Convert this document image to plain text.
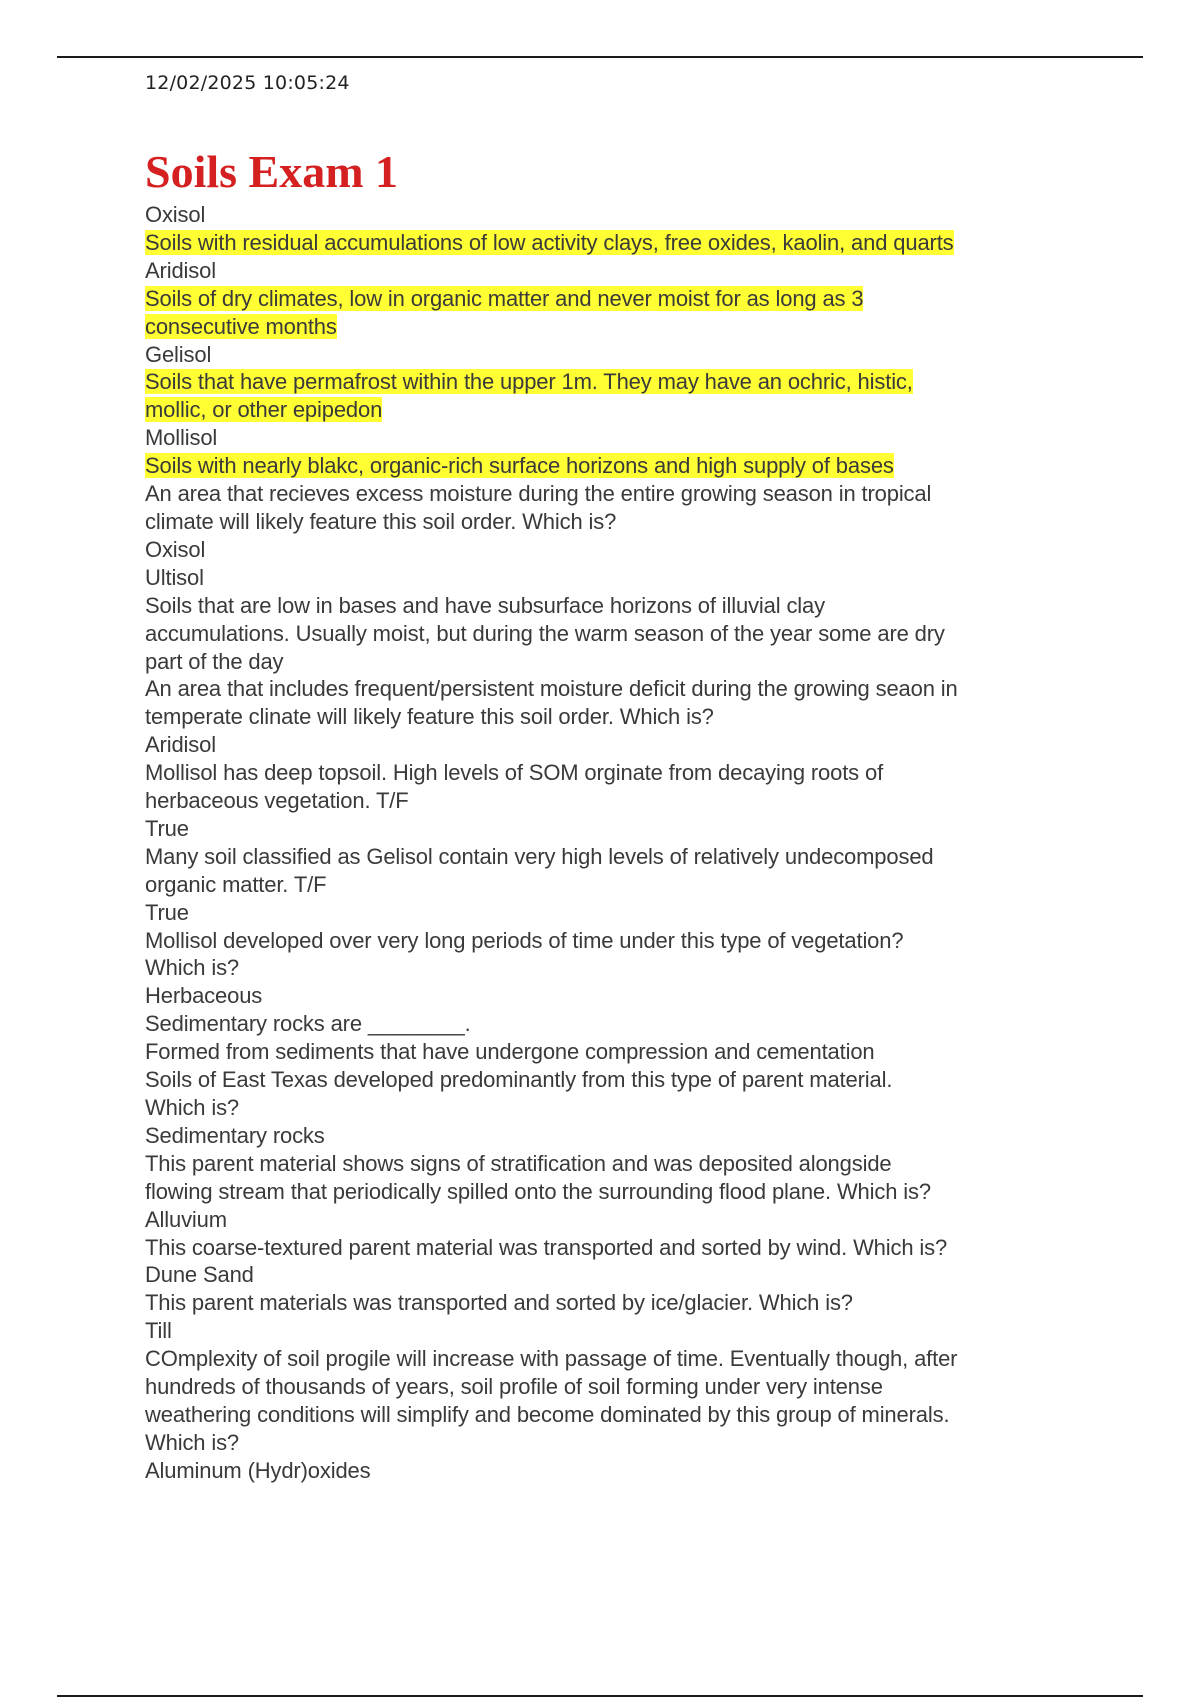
12/02/2025 10:05:24
Soils Exam 1
Oxisol
Soils with residual accumulations of low activity clays, free oxides, kaolin, and quarts
Aridisol
Soils of dry climates, low in organic matter and never moist for as long as 3
consecutive months
Gelisol
Soils that have permafrost within the upper 1m. They may have an ochric, histic,
mollic, or other epipedon
Mollisol
Soils with nearly blakc, organic-rich surface horizons and high supply of bases
An area that recieves excess moisture during the entire growing season in tropical
climate will likely feature this soil order. Which is?
Oxisol
Ultisol
Soils that are low in bases and have subsurface horizons of illuvial clay
accumulations. Usually moist, but during the warm season of the year some are dry
part of the day
An area that includes frequent/persistent moisture deficit during the growing seaon in
temperate clinate will likely feature this soil order. Which is?
Aridisol
Mollisol has deep topsoil. High levels of SOM orginate from decaying roots of
herbaceous vegetation. T/F
True
Many soil classified as Gelisol contain very high levels of relatively undecomposed
organic matter. T/F
True
Mollisol developed over very long periods of time under this type of vegetation?
Which is?
Herbaceous
Sedimentary rocks are ________.
Formed from sediments that have undergone compression and cementation
Soils of East Texas developed predominantly from this type of parent material.
Which is?
Sedimentary rocks
This parent material shows signs of stratification and was deposited alongside
flowing stream that periodically spilled onto the surrounding flood plane. Which is?
Alluvium
This coarse-textured parent material was transported and sorted by wind. Which is?
Dune Sand
This parent materials was transported and sorted by ice/glacier. Which is?
Till
COmplexity of soil progile will increase with passage of time. Eventually though, after
hundreds of thousands of years, soil profile of soil forming under very intense
weathering conditions will simplify and become dominated by this group of minerals.
Which is?
Aluminum (Hydr)oxides
